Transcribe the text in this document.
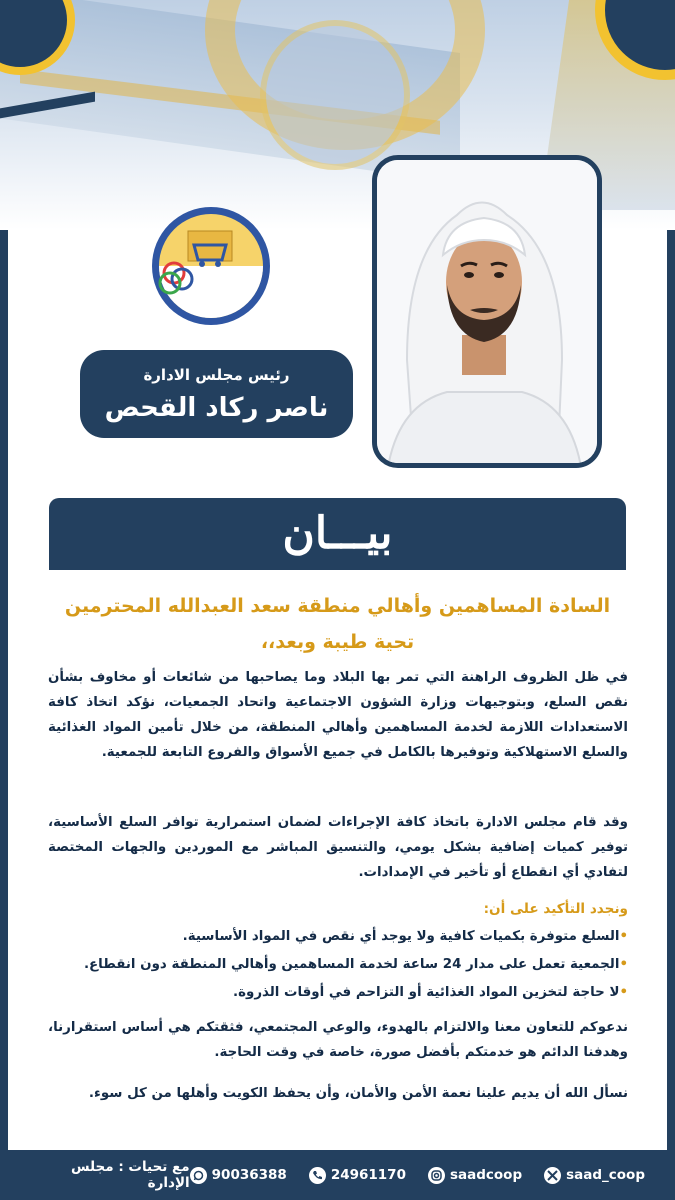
رئيس مجلس الادارة
ناصر ركاد القحص
بيـــان
السادة المساهمين وأهالي منطقة سعد العبدالله المحترمين
تحية طيبة وبعد،،

في ظل الظروف الراهنة التي تمر بها البلاد وما يصاحبها من شائعات أو مخاوف بشأن نقص السلع، وبتوجيهات وزارة الشؤون الاجتماعية واتحاد الجمعيات، نؤكد اتخاذ كافة الاستعدادات اللازمة لخدمة المساهمين وأهالي المنطقة، من خلال تأمين المواد الغذائية والسلع الاستهلاكية وتوفيرها بالكامل في جميع الأسواق والفروع التابعة للجمعية.

وقد قام مجلس الادارة باتخاذ كافة الإجراءات لضمان استمرارية توافر السلع الأساسية، توفير كميات إضافية بشكل يومي، والتنسيق المباشر مع الموردين والجهات المختصة لتفادي أي انقطاع أو تأخير في الإمدادات.

ونجدد التأكيد على أن:
•السلع متوفرة بكميات كافية ولا يوجد أي نقص في المواد الأساسية.
•الجمعية تعمل على مدار 24 ساعة لخدمة المساهمين وأهالي المنطقة دون انقطاع.
•لا حاجة لتخزين المواد الغذائية أو التزاحم في أوقات الذروة.

ندعوكم للتعاون معنا والالتزام بالهدوء، والوعي المجتمعي، فثقتكم هي أساس استقرارنا، وهدفنا الدائم هو خدمتكم بأفضل صورة، خاصة في وقت الحاجة.

نسأل الله أن يديم علينا نعمة الأمن والأمان، وأن يحفظ الكويت وأهلها من كل سوء.

saad_coop
saadcoop
24961170
90036388
مع تحيات : مجلس الإدارة
